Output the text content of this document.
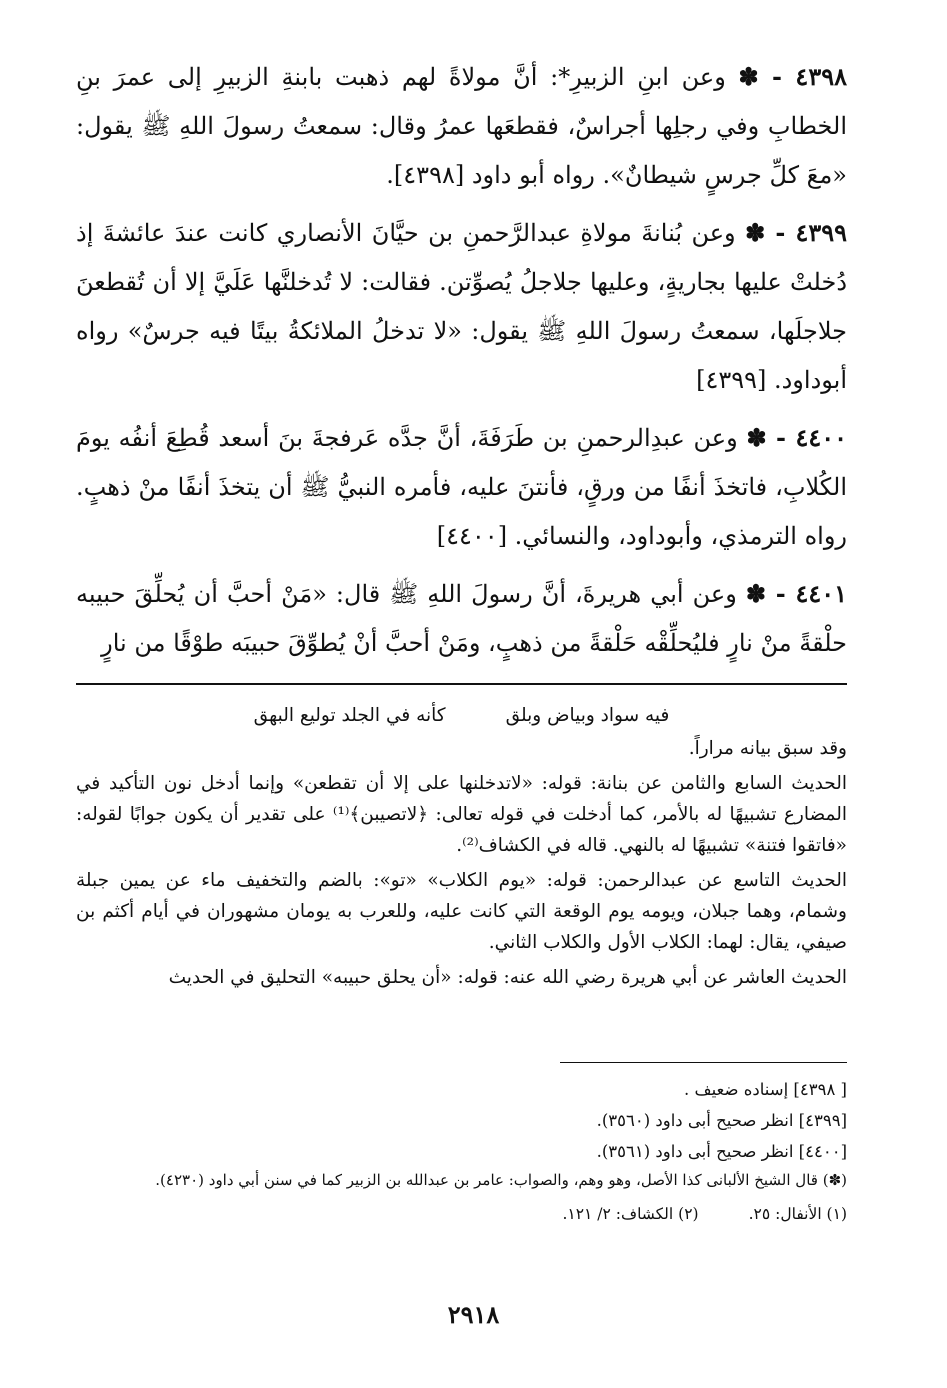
٤٣٩٨ - ✽ وعن ابنِ الزبيرِ*: أنَّ مولاةً لهم ذهبت بابنةِ الزبيرِ إلى عمرَ بنِ الخطابِ وفي رجلِها أجراسٌ، فقطعَها عمرُ وقال: سمعتُ رسولَ اللهِ ﷺ يقول: «معَ كلِّ جرسٍ شيطانٌ». رواه أبو داود [٤٣٩٨].

٤٣٩٩ - ✽ وعن بُنانةَ مولاةِ عبدالرَّحمنِ بن حيَّانَ الأنصاري كانت عندَ عائشةَ إذ دُخلتْ عليها بجاريةٍ، وعليها جلاجلُ يُصوِّتن. فقالت: لا تُدخلنَّها عَلَيَّ إلا أن تُقطعنَ جلاجلَها، سمعتُ رسولَ اللهِ ﷺ يقول: «لا تدخلُ الملائكةُ بيتًا فيه جرسٌ» رواه أبوداود. [٤٣٩٩]

٤٤٠٠ - ✽ وعن عبدِالرحمنِ بن طَرَفَةَ، أنَّ جدَّه عَرفجةَ بنَ أسعد قُطِعَ أنفُه يومَ الكُلابِ، فاتخذَ أنفًا من ورقٍ، فأنتنَ عليه، فأمره النبيُّ ﷺ أن يتخذَ أنفًا منْ ذهبٍ. رواه الترمذي، وأبوداود، والنسائي. [٤٤٠٠]

٤٤٠١ - ✽ وعن أبي هريرةَ، أنَّ رسولَ اللهِ ﷺ قال: «مَنْ أحبَّ أن يُحلِّقَ حبيبه حلْقةً منْ نارٍ فليُحلِّقْه حَلْقةً من ذهبٍ، ومَنْ أحبَّ أنْ يُطوِّقَ حبيبَه طوْقًا من نارٍ

فيه سواد وبياض وبلق
كأنه في الجلد توليع البهق

وقد سبق بيانه مراراً.

الحديث السابع والثامن عن بنانة: قوله: «لاتدخلنها على إلا أن تقطعن» وإنما أدخل نون التأكيد في المضارع تشبيهًا له بالأمر، كما أدخلت في قوله تعالى: ﴿لاتصيبن﴾⁽¹⁾ على تقدير أن يكون جوابًا لقوله: «فاتقوا فتنة» تشبيهًا له بالنهي. قاله في الكشاف⁽²⁾.

الحديث التاسع عن عبدالرحمن: قوله: «يوم الكلاب» «تو»: بالضم والتخفيف ماء عن يمين جبلة وشمام، وهما جبلان، ويومه يوم الوقعة التي كانت عليه، وللعرب به يومان مشهوران في أيام أكثم بن صيفي، يقال: لهما: الكلاب الأول والكلاب الثاني.

الحديث العاشر عن أبي هريرة رضي الله عنه: قوله: «أن يحلق حبيبه» التحليق في الحديث

[ ٤٣٩٨] إسناده ضعيف .

[٤٣٩٩] انظر صحيح أبى داود (٣٥٦٠).

[٤٤٠٠] انظر صحيح أبى داود (٣٥٦١).

(✽) قال الشيخ الألبانى كذا الأصل، وهو وهم، والصواب: عامر بن عبدالله بن الزبير كما في سنن أبي داود (٤٢٣٠).

(١) الأنفال: ٢٥.
(٢) الكشاف: ٢/ ١٢١.
٢٩١٨
